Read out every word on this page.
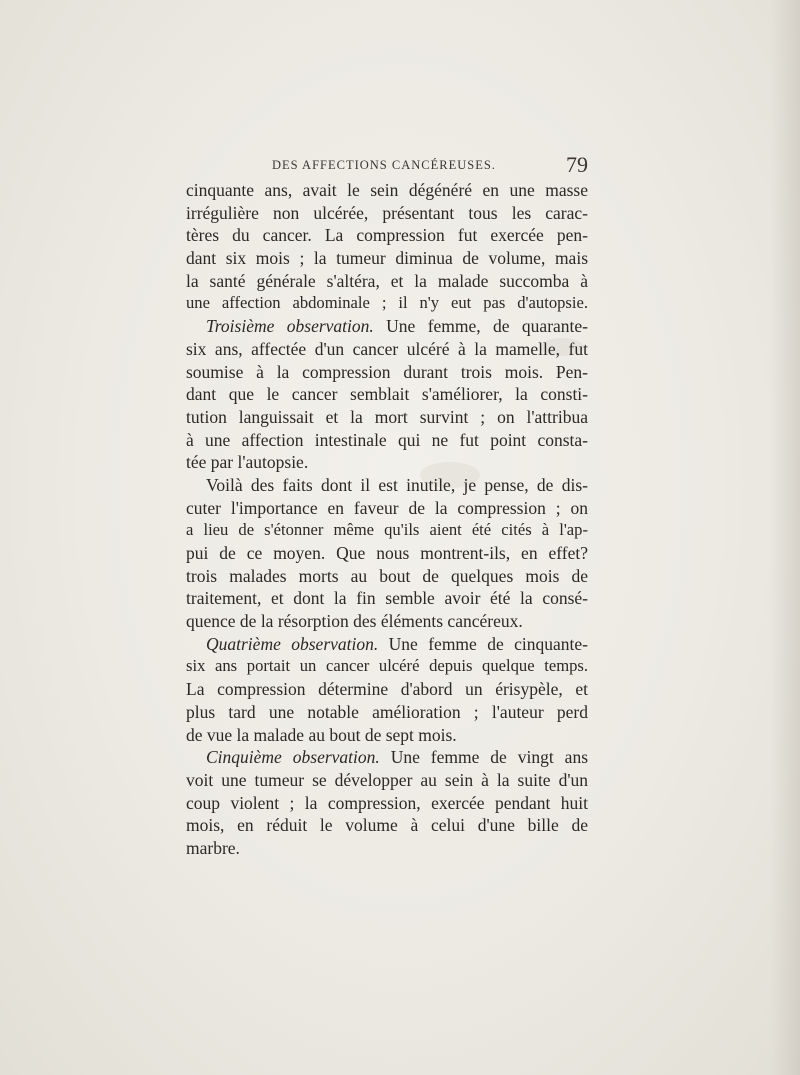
DES AFFECTIONS CANCÉREUSES.	79
cinquante ans, avait le sein dégénéré en une masse
irrégulière non ulcérée, présentant tous les carac-
tères du cancer. La compression fut exercée pen-
dant six mois ; la tumeur diminua de volume, mais
la santé générale s'altéra, et la malade succomba à
une affection abdominale ; il n'y eut pas d'autopsie.
Troisième observation. Une femme, de quarante-
six ans, affectée d'un cancer ulcéré à la mamelle, fut
soumise à la compression durant trois mois. Pen-
dant que le cancer semblait s'améliorer, la consti-
tution languissait et la mort survint ; on l'attribua
à une affection intestinale qui ne fut point consta-
tée par l'autopsie.
Voilà des faits dont il est inutile, je pense, de dis-
cuter l'importance en faveur de la compression ; on
a lieu de s'étonner même qu'ils aient été cités à l'ap-
pui de ce moyen. Que nous montrent-ils, en effet?
trois malades morts au bout de quelques mois de
traitement, et dont la fin semble avoir été la consé-
quence de la résorption des éléments cancéreux.
Quatrième observation. Une femme de cinquante-
six ans portait un cancer ulcéré depuis quelque temps.
La compression détermine d'abord un érisypèle, et
plus tard une notable amélioration ; l'auteur perd
de vue la malade au bout de sept mois.
Cinquième observation. Une femme de vingt ans
voit une tumeur se développer au sein à la suite d'un
coup violent ; la compression, exercée pendant huit
mois, en réduit le volume à celui d'une bille de
marbre.
